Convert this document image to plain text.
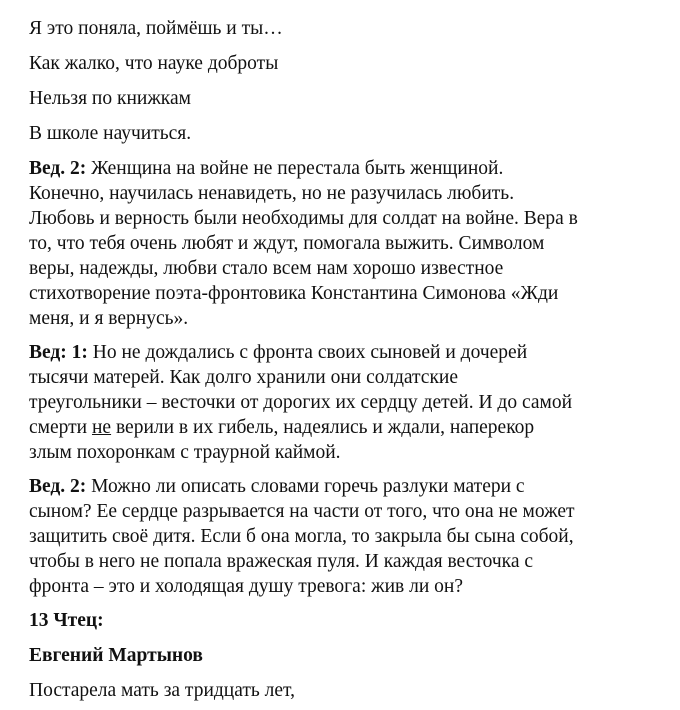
Я это поняла, поймёшь и ты…

Как жалко, что науке доброты

Нельзя по книжкам

В школе научиться.

Вед. 2: Женщина на войне не перестала быть женщиной.

Конечно, научилась ненавидеть, но не разучилась любить.

Любовь и верность были необходимы для солдат на войне. Вера в

то, что тебя очень любят и ждут, помогала выжить. Символом

веры, надежды, любви стало всем нам хорошо известное

стихотворение поэта-фронтовика Константина Симонова «Жди

меня, и я вернусь».

Вед: 1: Но не дождались с фронта своих сыновей и дочерей

тысячи матерей. Как долго хранили они солдатские

треугольники – весточки от дорогих их сердцу детей. И до самой

смерти не верили в их гибель, надеялись и ждали, наперекор

злым похоронкам с траурной каймой.

Вед. 2: Можно ли описать словами горечь разлуки матери с

сыном? Ее сердце разрывается на части от того, что она не может

защитить своё дитя. Если б она могла, то закрыла бы сына собой,

чтобы в него не попала вражеская пуля. И каждая весточка с

фронта – это и холодящая душу тревога: жив ли он?

13 Чтец:

Евгений Мартынов

Постарела мать за тридцать лет,
